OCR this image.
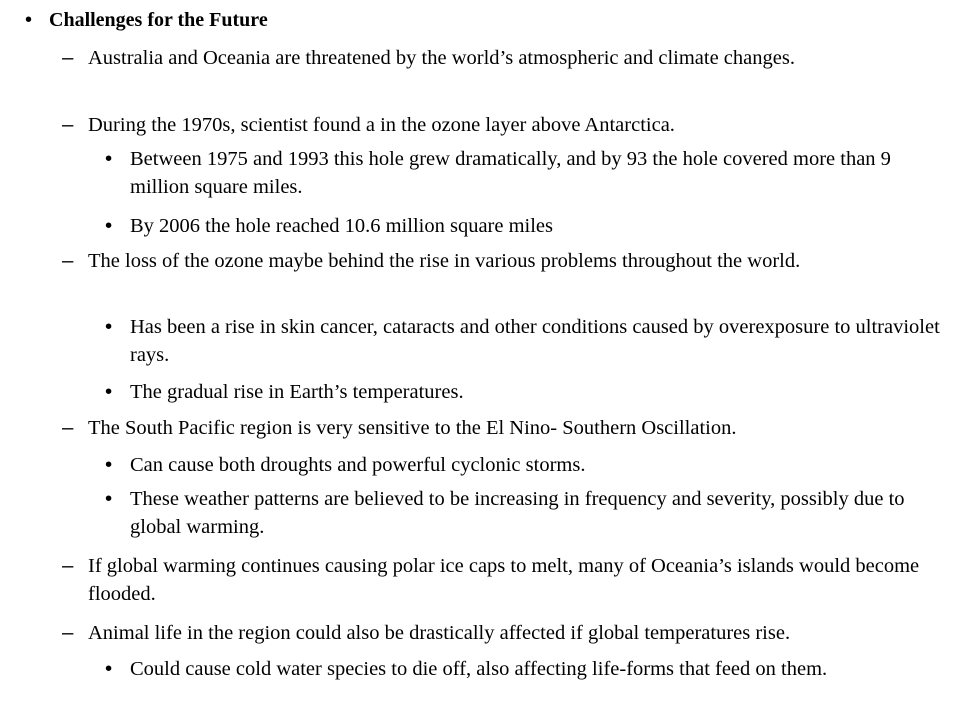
• Challenges for the Future
– Australia and Oceania are threatened by the world’s atmospheric and climate changes.
– During the 1970s, scientist found a in the ozone layer above Antarctica.
• Between 1975 and 1993 this hole grew dramatically, and by 93 the hole covered more than 9 million square miles.
• By 2006 the hole reached 10.6 million square miles
– The loss of the ozone maybe behind the rise in various problems throughout the world.
• Has been a rise in skin cancer, cataracts and other conditions caused by overexposure to ultraviolet rays.
• The gradual rise in Earth’s temperatures.
– The South Pacific region is very sensitive to the El Nino- Southern Oscillation.
• Can cause both droughts and powerful cyclonic storms.
• These weather patterns are believed to be increasing in frequency and severity, possibly due to global warming.
– If global warming continues causing polar ice caps to melt, many of Oceania’s islands would become flooded.
– Animal life in the region could also be drastically affected if global temperatures rise.
• Could cause cold water species to die off, also affecting life-forms that feed on them.
